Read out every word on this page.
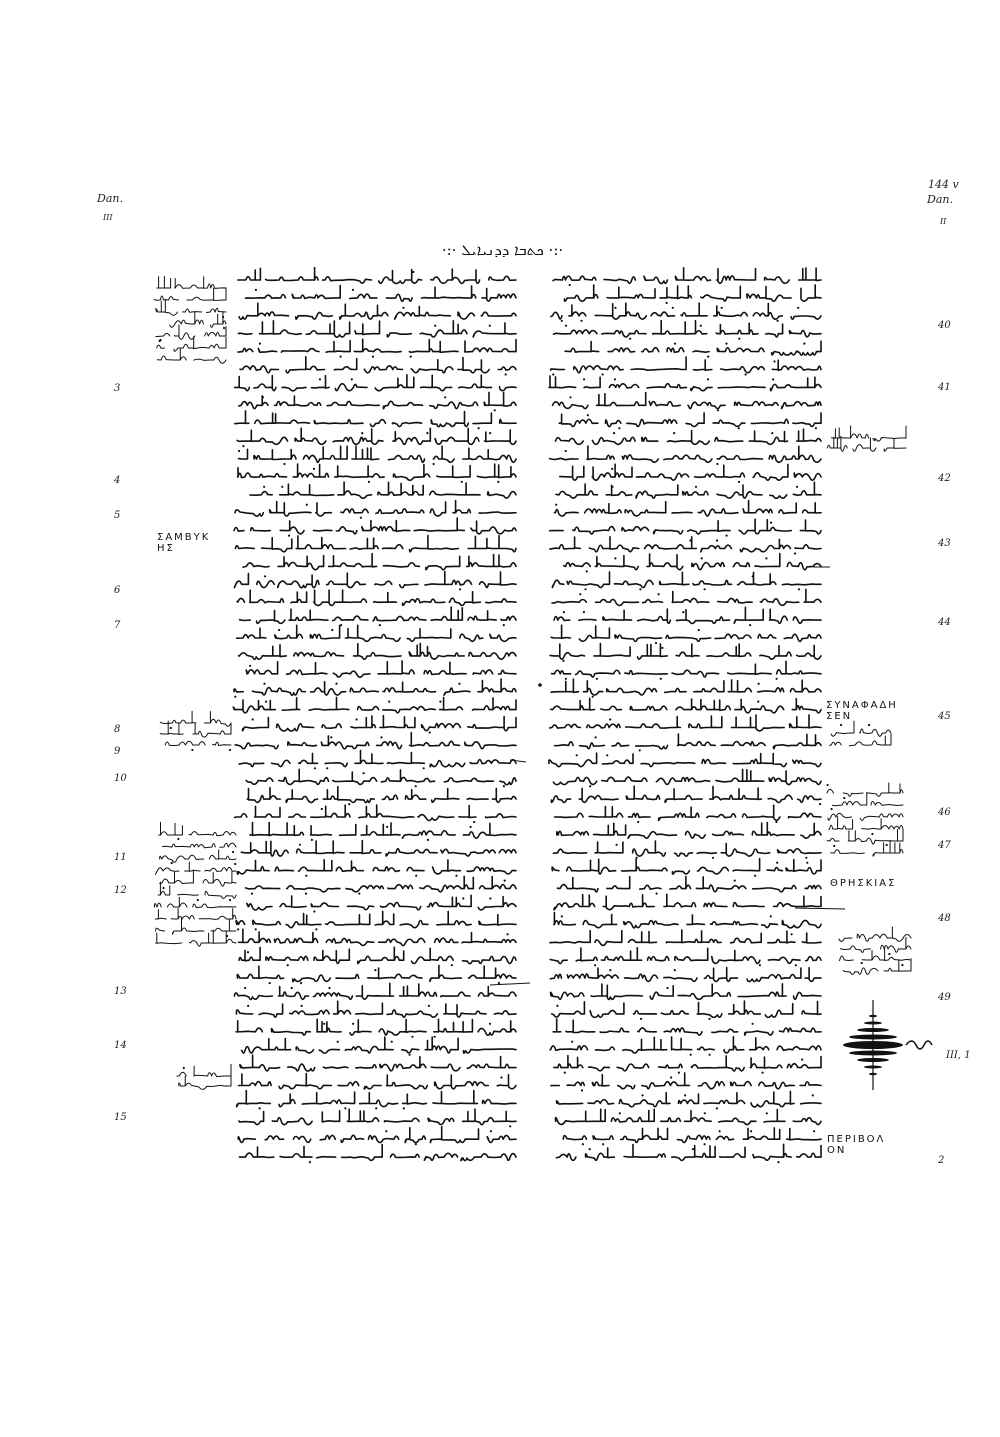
Dan.
III
144 v
Dan.
II
·:· ܟܬܒܐ ܕܕܢܝܐܝܠ ·:·
3
4
5
6
7
8
9
10
11
12
13
14
15
40
41
42
43
44
45
46
47
48
49
III, 1
2
ΣΑΜΒΥΚ ΗΣ
ΣΥΝΑΦΑΔΗ ΣΕΝ
ΘΡΗΣΚΙΑΣ
ΠΕΡΙΒΟΛ ΟΝ
